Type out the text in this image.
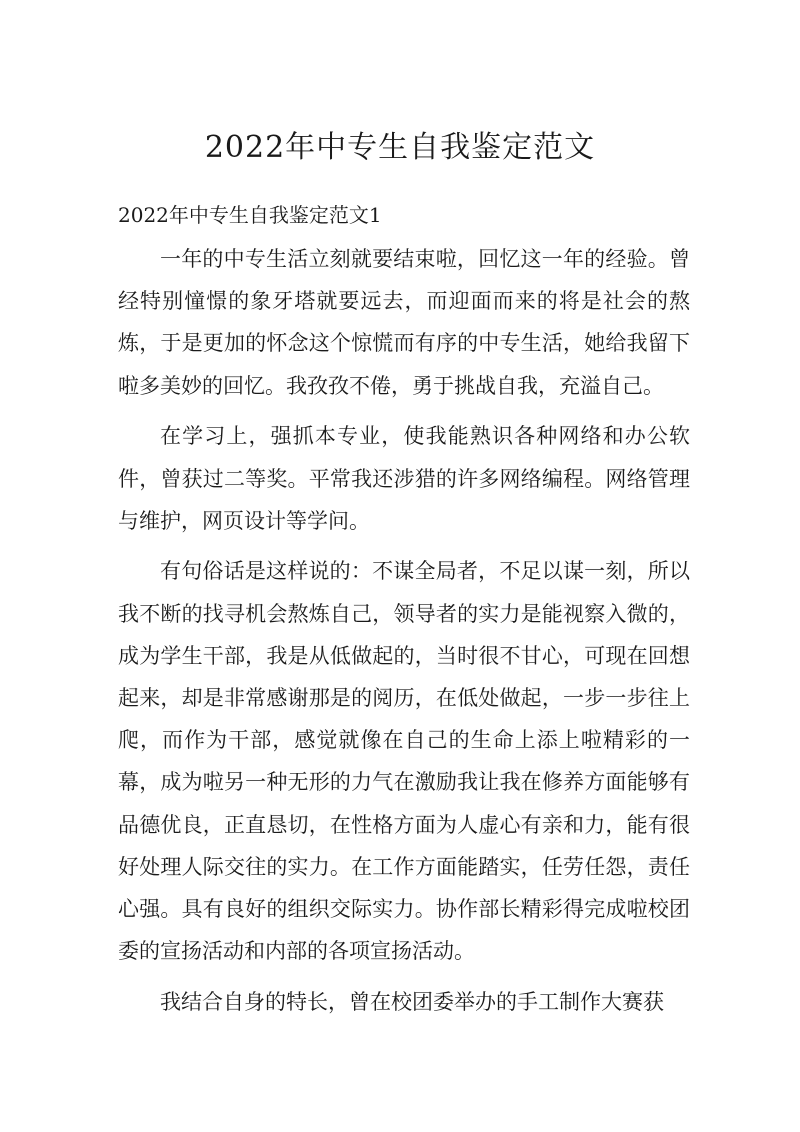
2022年中专生自我鉴定范文

2022年中专生自我鉴定范文1

一年的中专生活立刻就要结束啦，回忆这一年的经验。曾经特别憧憬的象牙塔就要远去，而迎面而来的将是社会的熬炼，于是更加的怀念这个惊慌而有序的中专生活，她给我留下啦多美妙的回忆。我孜孜不倦，勇于挑战自我，充溢自己。

在学习上，强抓本专业，使我能熟识各种网络和办公软件，曾获过二等奖。平常我还涉猎的许多网络编程。网络管理与维护，网页设计等学问。

有句俗话是这样说的：不谋全局者，不足以谋一刻，所以我不断的找寻机会熬炼自己，领导者的实力是能视察入微的，成为学生干部，我是从低做起的，当时很不甘心，可现在回想起来，却是非常感谢那是的阅历，在低处做起，一步一步往上爬，而作为干部，感觉就像在自己的生命上添上啦精彩的一幕，成为啦另一种无形的力气在激励我让我在修养方面能够有品德优良，正直恳切，在性格方面为人虚心有亲和力，能有很好处理人际交往的实力。在工作方面能踏实，任劳任怨，责任心强。具有良好的组织交际实力。协作部长精彩得完成啦校团委的宣扬活动和内部的各项宣扬活动。

我结合自身的特长，曾在校团委举办的手工制作大赛获
